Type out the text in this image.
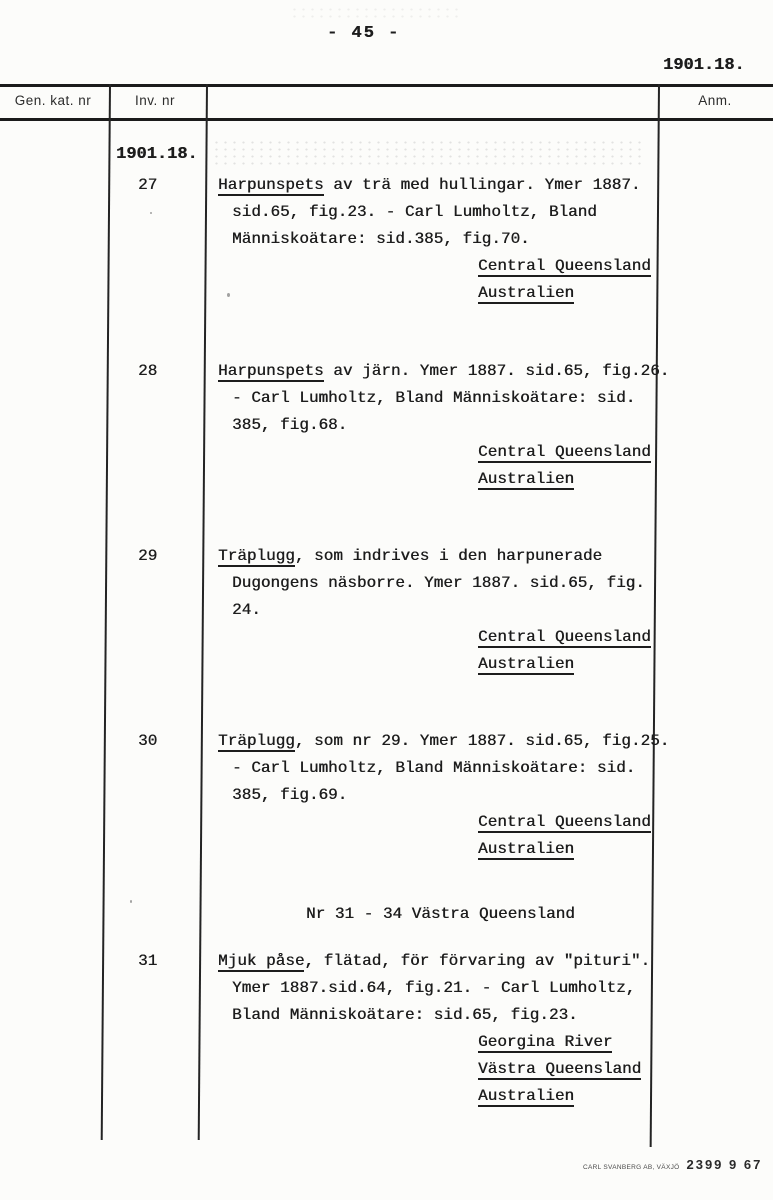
- 45 -
1901.18.
Gen. kat. nr	Inv. nr	Anm.
1901.18.
Nr 31 - 34 Västra Queensland
27	Harpunspets av trä med hullingar. Ymer 1887.
sid.65, fig.23. - Carl Lumholtz, Bland
Människoätare: sid.385, fig.70.
Central Queensland
Australien
28	Harpunspets av järn. Ymer 1887. sid.65, fig.26.
- Carl Lumholtz, Bland Människoätare: sid.
385, fig.68.
Central Queensland
Australien
29	Träplugg, som indrives i den harpunerade
Dugongens näsborre. Ymer 1887. sid.65, fig.
24.
Central Queensland
Australien
30	Träplugg, som nr 29. Ymer 1887. sid.65, fig.25.
- Carl Lumholtz, Bland Människoätare: sid.
385, fig.69.
Central Queensland
Australien
31	Mjuk påse, flätad, för förvaring av "pituri".
Ymer 1887.sid.64, fig.21. - Carl Lumholtz,
Bland Människoätare: sid.65, fig.23.
Georgina River
Västra Queensland
Australien
CARL SVANBERG AB, VÄXJÖ 2399 9 67
